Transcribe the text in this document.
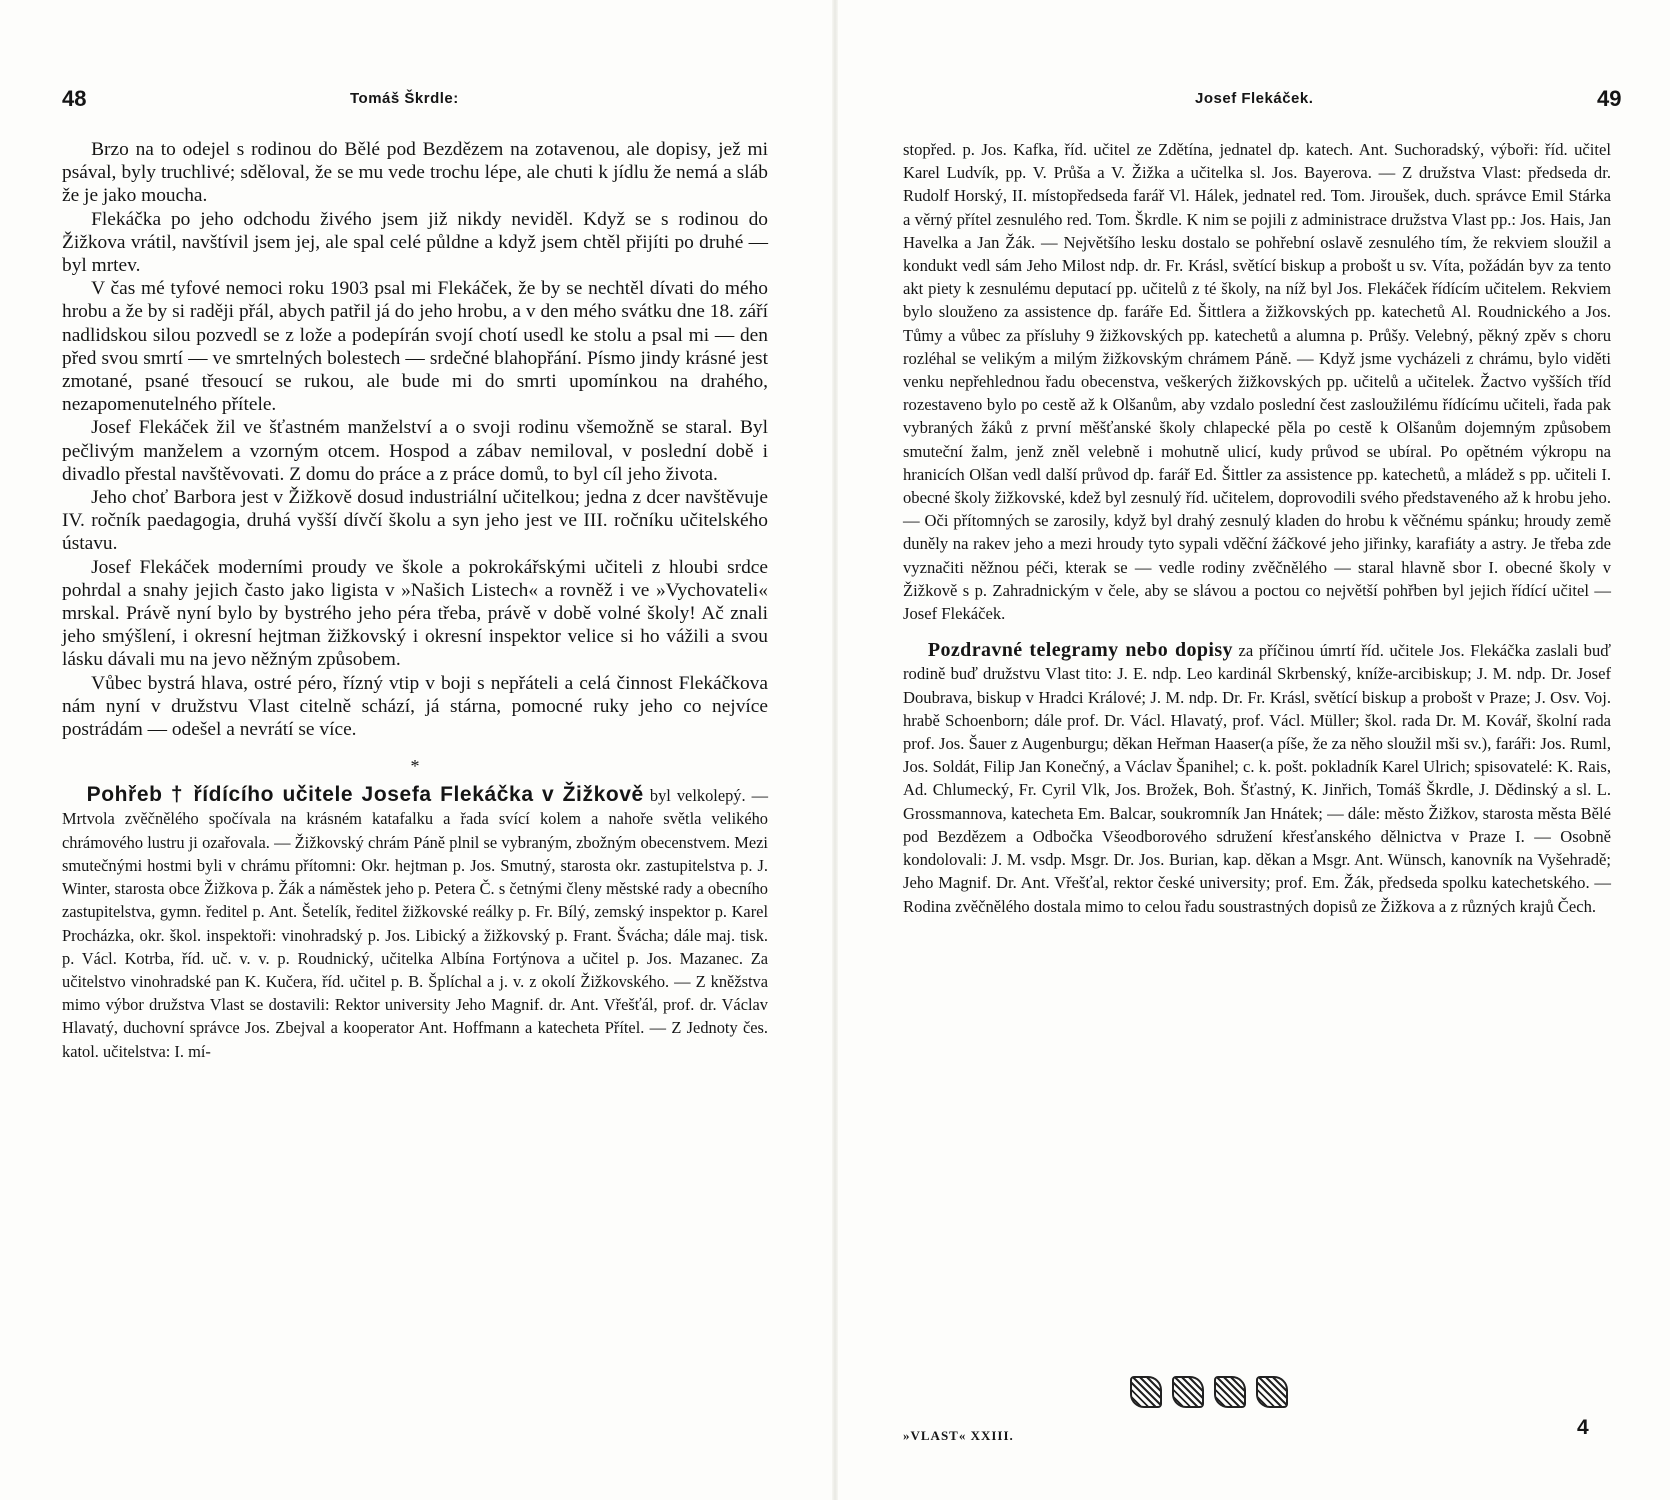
48	Tomáš Škrdle:

Brzo na to odejel s rodinou do Bělé pod Bezdězem na zotavenou, ale dopisy, jež mi psával, byly truchlivé; sděloval, že se mu vede trochu lépe, ale chuti k jídlu že nemá a sláb že je jako moucha.

Flekáčka po jeho odchodu živého jsem již nikdy neviděl. Když se s rodinou do Žižkova vrátil, navštívil jsem jej, ale spal celé půldne a když jsem chtěl přijíti po druhé — byl mrtev.

V čas mé tyfové nemoci roku 1903 psal mi Flekáček, že by se nechtěl dívati do mého hrobu a že by si raději přál, abych patřil já do jeho hrobu, a v den mého svátku dne 18. září nadlidskou silou pozvedl se z lože a podepírán svojí chotí usedl ke stolu a psal mi — den před svou smrtí — ve smrtelných bolestech — srdečné blahopřání. Písmo jindy krásné jest zmotané, psané třesoucí se rukou, ale bude mi do smrti upomínkou na drahého, nezapomenutelného přítele.

Josef Flekáček žil ve šťastném manželství a o svoji rodinu všemožně se staral. Byl pečlivým manželem a vzorným otcem. Hospod a zábav nemiloval, v poslední době i divadlo přestal navštěvovati. Z domu do práce a z práce domů, to byl cíl jeho života.

Jeho choť Barbora jest v Žižkově dosud industriální učitelkou; jedna z dcer navštěvuje IV. ročník paedagogia, druhá vyšší dívčí školu a syn jeho jest ve III. ročníku učitelského ústavu.

Josef Flekáček moderními proudy ve škole a pokrokářskými učiteli z hloubi srdce pohrdal a snahy jejich často jako ligista v »Našich Listech« a rovněž i ve »Vychovateli« mrskal. Právě nyní bylo by bystrého jeho péra třeba, právě v době volné školy! Ač znali jeho smýšlení, i okresní hejtman žižkovský i okresní inspektor velice si ho vážili a svou lásku dávali mu na jevo něžným způsobem.

Vůbec bystrá hlava, ostré péro, řízný vtip v boji s nepřáteli a celá činnost Flekáčkova nám nyní v družstvu Vlast citelně schází, já stárna, pomocné ruky jeho co nejvíce postrádám — odešel a nevrátí se více.

*

Pohřeb † řídícího učitele Josefa Flekáčka v Žižkově byl velkolepý. — Mrtvola zvěčnělého spočívala na krásném katafalku a řada svící kolem a nahoře světla velikého chrámového lustru ji ozařovala. — Žižkovský chrám Páně plnil se vybraným, zbožným obecenstvem. Mezi smutečnými hostmi byli v chrámu přítomni: Okr. hejtman p. Jos. Smutný, starosta okr. zastupitelstva p. J. Winter, starosta obce Žižkova p. Žák a náměstek jeho p. Petera Č. s četnými členy městské rady a obecního zastupitelstva, gymn. ředitel p. Ant. Šetelík, ředitel žižkovské reálky p. Fr. Bílý, zemský inspektor p. Karel Procházka, okr. škol. inspektoři: vinohradský p. Jos. Libický a žižkovský p. Frant. Švácha; dále maj. tisk. p. Václ. Kotrba, říd. uč. v. v. p. Roudnický, učitelka Albína Fortýnova a učitel p. Jos. Mazanec. Za učitelstvo vinohradské pan K. Kučera, říd. učitel p. B. Šplíchal a j. v. z okolí Žižkovského. — Z kněžstva mimo výbor družstva Vlast se dostavili: Rektor university Jeho Magnif. dr. Ant. Vřešťál, prof. dr. Václav Hlavatý, duchovní správce Jos. Zbejval a kooperator Ant. Hoffmann a katecheta Přítel. — Z Jednoty čes. katol. učitelstva: I. mí-

Josef Flekáček.	49

stopřed. p. Jos. Kafka, říd. učitel ze Zdětína, jednatel dp. katech. Ant. Suchoradský, výboři: říd. učitel Karel Ludvík, pp. V. Průša a V. Žižka a učitelka sl. Jos. Bayerova. — Z družstva Vlast: předseda dr. Rudolf Horský, II. místopředseda farář Vl. Hálek, jednatel red. Tom. Jiroušek, duch. správce Emil Stárka a věrný přítel zesnulého red. Tom. Škrdle. K nim se pojili z administrace družstva Vlast pp.: Jos. Hais, Jan Havelka a Jan Žák. — Největšího lesku dostalo se pohřební oslavě zesnulého tím, že rekviem sloužil a kondukt vedl sám Jeho Milost ndp. dr. Fr. Krásl, světící biskup a probošt u sv. Víta, požádán byv za tento akt piety k zesnulému deputací pp. učitelů z té školy, na níž byl Jos. Flekáček řídícím učitelem. Rekviem bylo slouženo za assistence dp. faráře Ed. Šittlera a žižkovských pp. katechetů Al. Roudnického a Jos. Tůmy a vůbec za přísluhy 9 žižkovských pp. katechetů a alumna p. Průšy. Velebný, pěkný zpěv s choru rozléhal se velikým a milým žižkovským chrámem Páně. — Když jsme vycházeli z chrámu, bylo viděti venku nepřehlednou řadu obecenstva, veškerých žižkovských pp. učitelů a učitelek. Žactvo vyšších tříd rozestaveno bylo po cestě až k Olšanům, aby vzdalo poslední čest zasloužilému řídícímu učiteli, řada pak vybraných žáků z první měšťanské školy chlapecké pěla po cestě k Olšanům dojemným způsobem smuteční žalm, jenž zněl velebně i mohutně ulicí, kudy průvod se ubíral. Po opětném výkropu na hranicích Olšan vedl další průvod dp. farář Ed. Šittler za assistence pp. katechetů, a mládež s pp. učiteli I. obecné školy žižkovské, kdež byl zesnulý říd. učitelem, doprovodili svého představeného až k hrobu jeho. — Oči přítomných se zarosily, když byl drahý zesnulý kladen do hrobu k věčnému spánku; hroudy země duněly na rakev jeho a mezi hroudy tyto sypali vděční žáčkové jeho jiřinky, karafiáty a astry. Je třeba zde vyznačiti něžnou péči, kterak se — vedle rodiny zvěčnělého — staral hlavně sbor I. obecné školy v Žižkově s p. Zahradnickým v čele, aby se slávou a poctou co největší pohřben byl jejich řídící učitel — Josef Flekáček.

Pozdravné telegramy nebo dopisy za příčinou úmrtí říd. učitele Jos. Flekáčka zaslali buď rodině buď družstvu Vlast tito: J. E. ndp. Leo kardinál Skrbenský, kníže-arcibiskup; J. M. ndp. Dr. Josef Doubrava, biskup v Hradci Králové; J. M. ndp. Dr. Fr. Krásl, světící biskup a probošt v Praze; J. Osv. Voj. hrabě Schoenborn; dále prof. Dr. Václ. Hlavatý, prof. Václ. Müller; škol. rada Dr. M. Kovář, školní rada prof. Jos. Šauer z Augenburgu; děkan Heřman Haaser(a píše, že za něho sloužil mši sv.), faráři: Jos. Ruml, Jos. Soldát, Filip Jan Konečný, a Václav Španihel; c. k. pošt. pokladník Karel Ulrich; spisovatelé: K. Rais, Ad. Chlumecký, Fr. Cyril Vlk, Jos. Brožek, Boh. Šťastný, K. Jinřich, Tomáš Škrdle, J. Dědinský a sl. L. Grossmannova, katecheta Em. Balcar, soukromník Jan Hnátek; — dále: město Žižkov, starosta města Bělé pod Bezdězem a Odbočka Všeodborového sdružení křesťanského dělnictva v Praze I. — Osobně kondolovali: J. M. vsdp. Msgr. Dr. Jos. Burian, kap. děkan a Msgr. Ant. Wünsch, kanovník na Vyšehradě; Jeho Magnif. Dr. Ant. Vřešťal, rektor české university; prof. Em. Žák, předseda spolku katechetského. — Rodina zvěčnělého dostala mimo to celou řadu soustrastných dopisů ze Žižkova a z různých krajů Čech.

»VLAST« XXIII.	4
